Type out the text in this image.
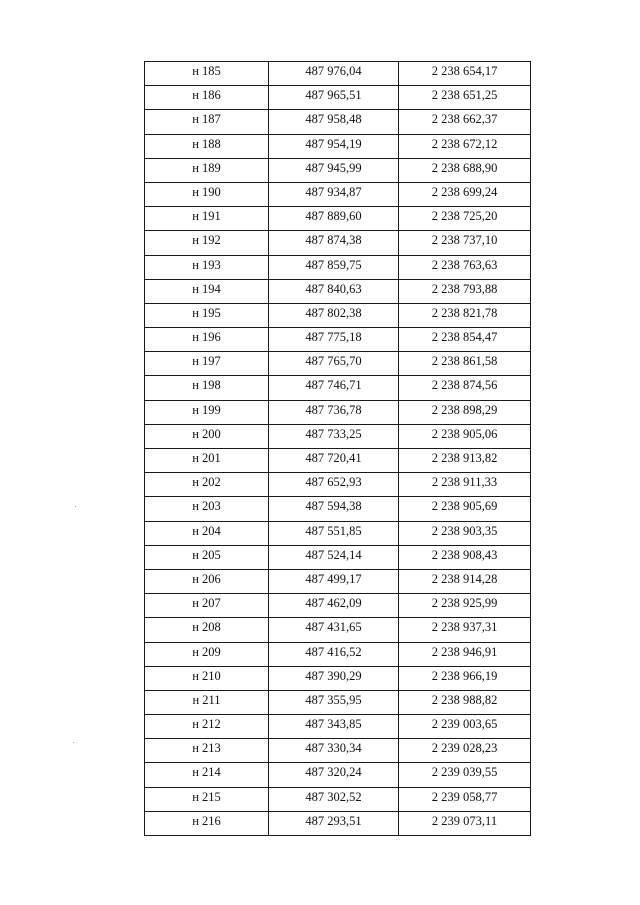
н 185	487 976,04	2 238 654,17
н 186	487 965,51	2 238 651,25
н 187	487 958,48	2 238 662,37
н 188	487 954,19	2 238 672,12
н 189	487 945,99	2 238 688,90
н 190	487 934,87	2 238 699,24
н 191	487 889,60	2 238 725,20
н 192	487 874,38	2 238 737,10
н 193	487 859,75	2 238 763,63
н 194	487 840,63	2 238 793,88
н 195	487 802,38	2 238 821,78
н 196	487 775,18	2 238 854,47
н 197	487 765,70	2 238 861,58
н 198	487 746,71	2 238 874,56
н 199	487 736,78	2 238 898,29
н 200	487 733,25	2 238 905,06
н 201	487 720,41	2 238 913,82
н 202	487 652,93	2 238 911,33
н 203	487 594,38	2 238 905,69
н 204	487 551,85	2 238 903,35
н 205	487 524,14	2 238 908,43
н 206	487 499,17	2 238 914,28
н 207	487 462,09	2 238 925,99
н 208	487 431,65	2 238 937,31
н 209	487 416,52	2 238 946,91
н 210	487 390,29	2 238 966,19
н 211	487 355,95	2 238 988,82
н 212	487 343,85	2 239 003,65
н 213	487 330,34	2 239 028,23
н 214	487 320,24	2 239 039,55
н 215	487 302,52	2 239 058,77
н 216	487 293,51	2 239 073,11
